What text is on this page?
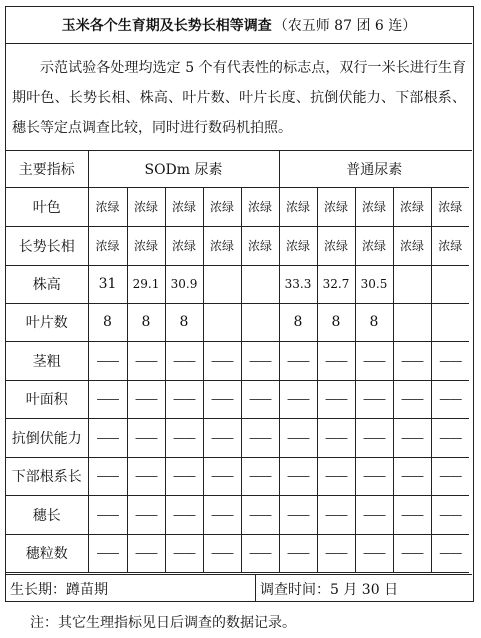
玉米各个生育期及长势长相等调查 （农五师 87 团 6 连）
示范试验各处理均选定 5 个有代表性的标志点，双行一米长进行生育期叶色、长势长相、株高、叶片数、叶片长度、抗倒伏能力、下部根系、穗长等定点调查比较，同时进行数码机拍照。
主要指标	SODm 尿素					普通尿素				
叶色	浓绿	浓绿	浓绿	浓绿	浓绿	浓绿	浓绿	浓绿	浓绿	浓绿
长势长相	浓绿	浓绿	浓绿	浓绿	浓绿	浓绿	浓绿	浓绿	浓绿	浓绿
株高	31	29.1	30.9			33.3	32.7	30.5		
叶片数	8	8	8			8	8	8		
茎粗	——	——	——	——	——	——	——	——	——	——
叶面积	——	——	——	——	——	——	——	——	——	——
抗倒伏能力	——	——	——	——	——	——	——	——	——	——
下部根系长	——	——	——	——	——	——	——	——	——	——
穗长	——	——	——	——	——	——	——	——	——	——
穗粒数	——	——	——	——	——	——	——	——	——	——
生长期：蹲苗期	调查时间：5 月 30 日
注：其它生理指标见日后调查的数据记录。
